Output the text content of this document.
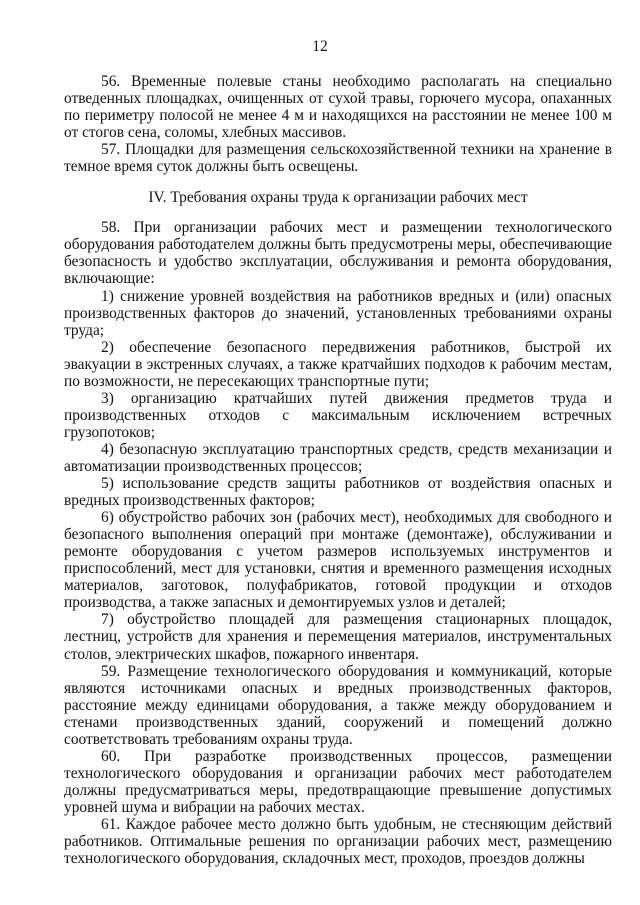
12

56. Временные полевые станы необходимо располагать на специально отведенных площадках, очищенных от сухой травы, горючего мусора, опаханных по периметру полосой не менее 4 м и находящихся на расстоянии не менее 100 м от стогов сена, соломы, хлебных массивов.

57. Площадки для размещения сельскохозяйственной техники на хранение в темное время суток должны быть освещены.

IV. Требования охраны труда к организации рабочих мест

58. При организации рабочих мест и размещении технологического оборудования работодателем должны быть предусмотрены меры, обеспечивающие безопасность и удобство эксплуатации, обслуживания и ремонта оборудования, включающие:

1) снижение уровней воздействия на работников вредных и (или) опасных производственных факторов до значений, установленных требованиями охраны труда;

2) обеспечение безопасного передвижения работников, быстрой их эвакуации в экстренных случаях, а также кратчайших подходов к рабочим местам, по возможности, не пересекающих транспортные пути;

3) организацию кратчайших путей движения предметов труда и производственных отходов с максимальным исключением встречных грузопотоков;

4) безопасную эксплуатацию транспортных средств, средств механизации и автоматизации производственных процессов;

5) использование средств защиты работников от воздействия опасных и вредных производственных факторов;

6) обустройство рабочих зон (рабочих мест), необходимых для свободного и безопасного выполнения операций при монтаже (демонтаже), обслуживании и ремонте оборудования с учетом размеров используемых инструментов и приспособлений, мест для установки, снятия и временного размещения исходных материалов, заготовок, полуфабрикатов, готовой продукции и отходов производства, а также запасных и демонтируемых узлов и деталей;

7) обустройство площадей для размещения стационарных площадок, лестниц, устройств для хранения и перемещения материалов, инструментальных столов, электрических шкафов, пожарного инвентаря.

59. Размещение технологического оборудования и коммуникаций, которые являются источниками опасных и вредных производственных факторов, расстояние между единицами оборудования, а также между оборудованием и стенами производственных зданий, сооружений и помещений должно соответствовать требованиям охраны труда.

60. При разработке производственных процессов, размещении технологического оборудования и организации рабочих мест работодателем должны предусматриваться меры, предотвращающие превышение допустимых уровней шума и вибрации на рабочих местах.

61. Каждое рабочее место должно быть удобным, не стесняющим действий работников. Оптимальные решения по организации рабочих мест, размещению технологического оборудования, складочных мест, проходов, проездов должны
